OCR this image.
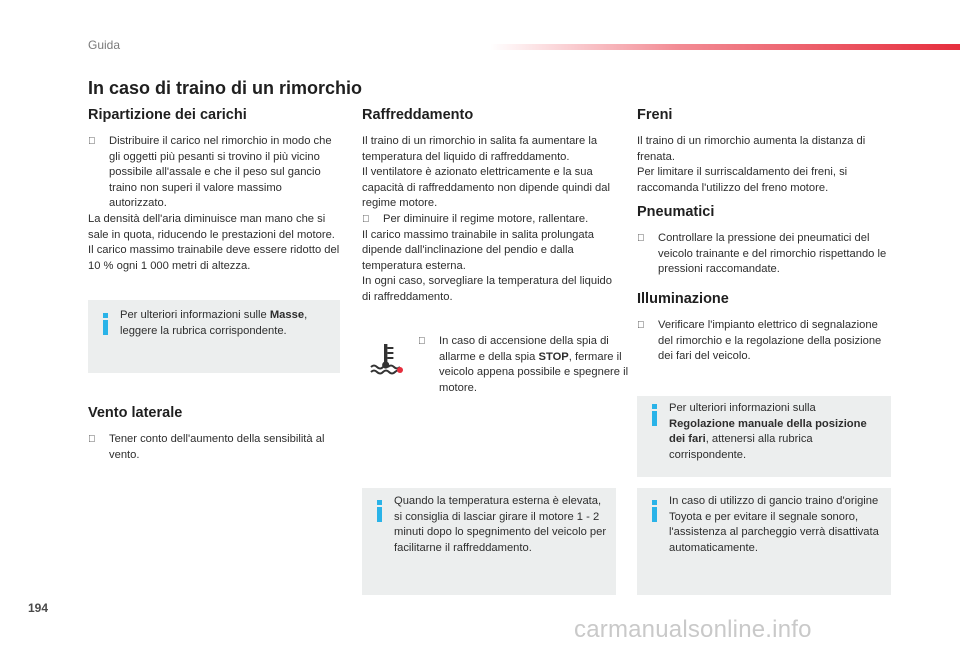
Guida
In caso di traino di un rimorchio
Ripartizione dei carichi
Distribuire il carico nel rimorchio in modo che gli oggetti più pesanti si trovino il più vicino possibile all'assale e che il peso sul gancio traino non superi il valore massimo autorizzato.

La densità dell'aria diminuisce man mano che si sale in quota, riducendo le prestazioni del motore. Il carico massimo trainabile deve essere ridotto del 10 % ogni 1 000 metri di altezza.

Per ulteriori informazioni sulle Masse, leggere la rubrica corrispondente.
Vento laterale
Tener conto dell'aumento della sensibilità al vento.
Raffreddamento

Il traino di un rimorchio in salita fa aumentare la temperatura del liquido di raffreddamento.

Il ventilatore è azionato elettricamente e la sua capacità di raffreddamento non dipende quindi dal regime motore.

Per diminuire il regime motore, rallentare.

Il carico massimo trainabile in salita prolungata dipende dall'inclinazione del pendio e dalla temperatura esterna.

In ogni caso, sorvegliare la temperatura del liquido di raffreddamento.

In caso di accensione della spia di allarme e della spia STOP, fermare il veicolo appena possibile e spegnere il motore.
Quando la temperatura esterna è elevata, si consiglia di lasciar girare il motore 1 - 2 minuti dopo lo spegnimento del veicolo per facilitarne il raffreddamento.
Freni

Il traino di un rimorchio aumenta la distanza di frenata.

Per limitare il surriscaldamento dei freni, si raccomanda l'utilizzo del freno motore.

Pneumatici
Controllare la pressione dei pneumatici del veicolo trainante e del rimorchio rispettando le pressioni raccomandate.
Illuminazione
Verificare l'impianto elettrico di segnalazione del rimorchio e la regolazione della posizione dei fari del veicolo.
Per ulteriori informazioni sulla Regolazione manuale della posizione dei fari, attenersi alla rubrica corrispondente.
In caso di utilizzo di gancio traino d'origine Toyota e per evitare il segnale sonoro, l'assistenza al parcheggio verrà disattivata automaticamente.
194
carmanualsonline.info
